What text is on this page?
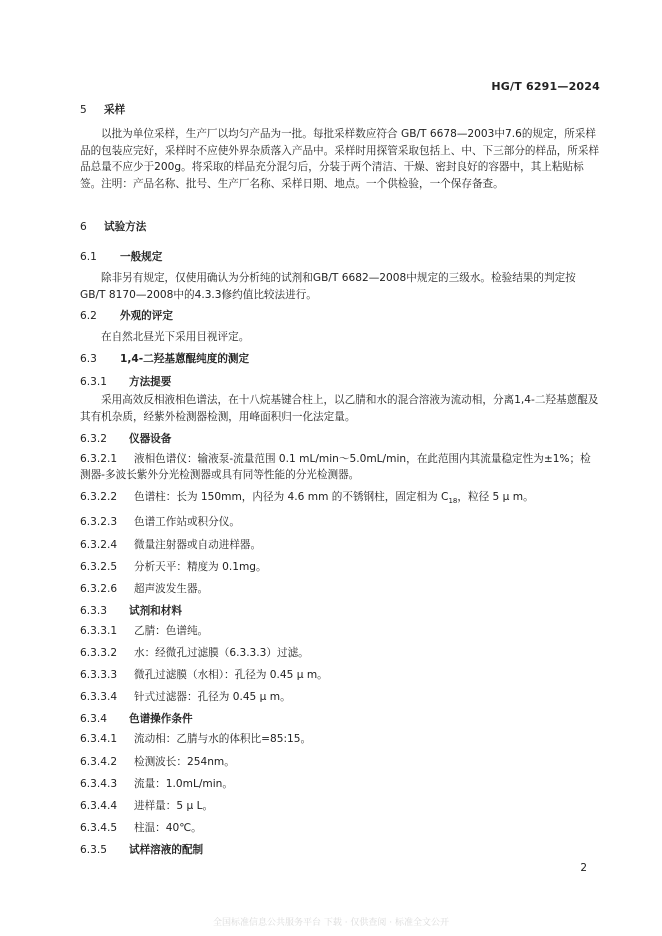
HG/T 6291—2024
5 采样

以批为单位采样，生产厂以均匀产品为一批。每批采样数应符合 GB/T 6678—2003中7.6的规定，所采样品的包装应完好，采样时不应使外界杂质落入产品中。采样时用探管采取包括上、中、下三部分的样品，所采样品总量不应少于200g。将采取的样品充分混匀后，分装于两个清洁、干燥、密封良好的容器中，其上粘贴标签。注明：产品名称、批号、生产厂名称、采样日期、地点。一个供检验，一个保存备查。

6 试验方法
6.1 一般规定

除非另有规定，仅使用确认为分析纯的试剂和GB/T 6682—2008中规定的三级水。检验结果的判定按GB/T 8170—2008中的4.3.3修约值比较法进行。

6.2 外观的评定

在自然北昼光下采用目视评定。

6.3 1,4-二羟基蒽醌纯度的测定
6.3.1 方法提要

采用高效反相液相色谱法，在十八烷基键合柱上，以乙腈和水的混合溶液为流动相，分离1,4-二羟基蒽醌及其有机杂质，经紫外检测器检测，用峰面积归一化法定量。

6.3.2 仪器设备
6.3.2.1 液相色谱仪：输液泵-流量范围 0.1 mL/min～5.0mL/min，在此范围内其流量稳定性为±1%；检测器-多波长紫外分光检测器或具有同等性能的分光检测器。
6.3.2.2 色谱柱：长为 150mm，内径为 4.6 mm 的不锈钢柱，固定相为 $C_{18}$，粒径 5 μ m。
6.3.2.3 色谱工作站或积分仪。
6.3.2.4 微量注射器或自动进样器。
6.3.2.5 分析天平：精度为 0.1mg。
6.3.2.6 超声波发生器。
6.3.3 试剂和材料
6.3.3.1 乙腈：色谱纯。
6.3.3.2 水：经微孔过滤膜（6.3.3.3）过滤。
6.3.3.3 微孔过滤膜（水相）：孔径为 0.45 μ m。
6.3.3.4 针式过滤器：孔径为 0.45 μ m。
6.3.4 色谱操作条件
6.3.4.1 流动相：乙腈与水的体积比=85:15。
6.3.4.2 检测波长：254nm。
6.3.4.3 流量：1.0mL/min。
6.3.4.4 进样量：5 μ L。
6.3.4.5 柱温：40℃。
6.3.5 试样溶液的配制
2
全国标准信息公共服务平台 下载 · 仅供查阅 · 标准全文公开
